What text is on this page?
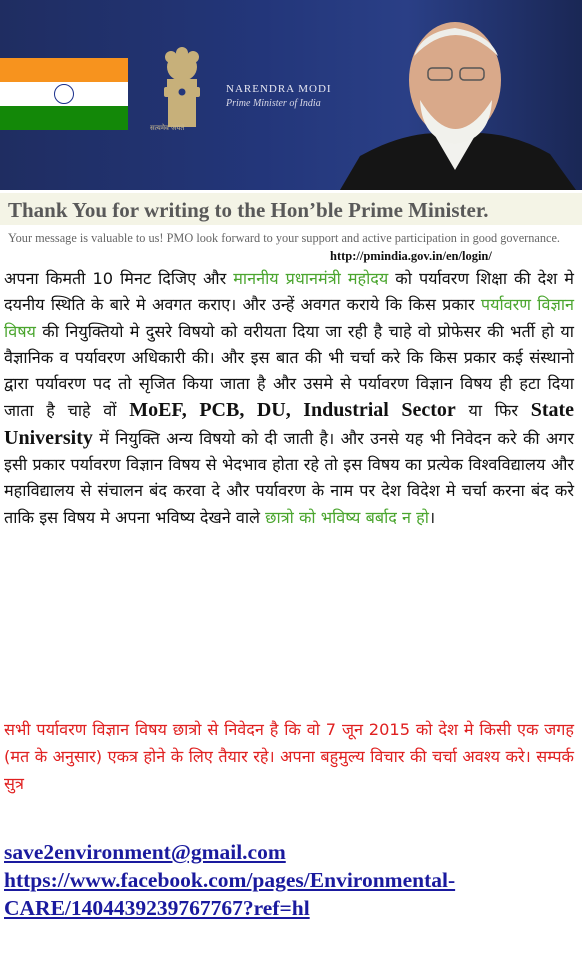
सत्यमेव जयते
NARENDRA MODI
Prime Minister of India
Thank You for writing to the Hon’ble Prime Minister.
Your message is valuable to us! PMO look forward to your support and active participation in good governance.
http://pmindia.gov.in/en/login/
अपना किमती 10 मिनट दिजिए और माननीय प्रधानमंत्री महोदय को पर्यावरण शिक्षा की देश मे दयनीय स्थिति के बारे मे अवगत कराए। और उन्हें अवगत कराये कि किस प्रकार पर्यावरण विज्ञान विषय की नियुक्तियो मे दुसरे विषयो को वरीयता दिया जा रही है चाहे वो प्रोफेसर की भर्ती हो या वैज्ञानिक व पर्यावरण अधिकारी की। और इस बात की भी चर्चा करे कि किस प्रकार कई संस्थानो द्वारा पर्यावरण पद तो सृजित किया जाता है और उसमे से पर्यावरण विज्ञान विषय ही हटा दिया जाता है चाहे वों MoEF, PCB, DU, Industrial Sector या फिर State University में नियुक्ति अन्य विषयो को दी जाती है। और उनसे यह भी निवेदन करे की अगर इसी प्रकार पर्यावरण विज्ञान विषय से भेदभाव होता रहे तो इस विषय का प्रत्येक विश्वविद्यालय और महाविद्यालय से संचालन बंद करवा दे और पर्यावरण के नाम पर देश विदेश मे चर्चा करना बंद करे ताकि इस विषय मे अपना भविष्य देखने वाले छात्रो को भविष्य बर्बाद न हो।
सभी पर्यावरण विज्ञान विषय छात्रो से निवेदन है कि वो 7 जून 2015 को देश मे किसी एक जगह (मत के अनुसार) एकत्र होने के लिए तैयार रहे। अपना बहुमुल्य विचार की चर्चा अवश्य करे। सम्पर्क सुत्र
save2environment@gmail.com
https://www.facebook.com/pages/Environmental-
CARE/1404439239767767?ref=hl
